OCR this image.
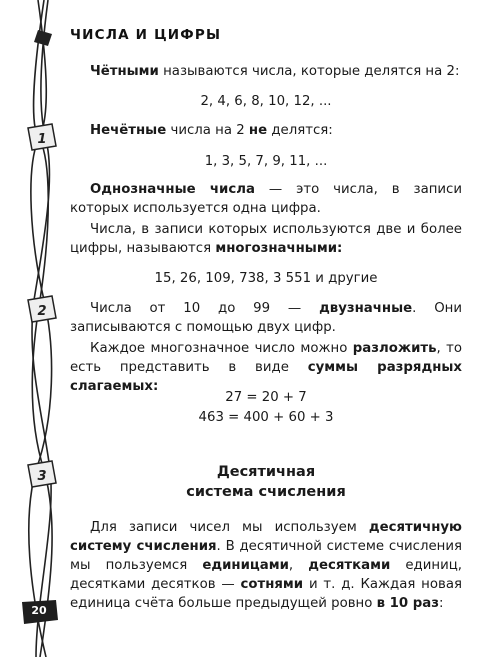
1
2
3
20
ЧИСЛА И ЦИФРЫ

Чётными называются числа, которые делятся на 2:

2, 4, 6, 8, 10, 12, ...

Нечётные числа на 2 не делятся:

1, 3, 5, 7, 9, 11, ...

Однозначные числа — это числа, в записи которых используется одна цифра.

Числа, в записи которых используются две и более цифры, называются многозначными:

15, 26, 109, 738, 3 551 и другие

Числа от 10 до 99 — двузначные. Они записываются с помощью двух цифр.

Каждое многозначное число можно разложить, то есть представить в виде суммы разрядных слагаемых:

27 = 20 + 7

463 = 400 + 60 + 3

Десятичная

система счисления

Для записи чисел мы используем десятичную систему счисления. В десятичной системе счисления мы пользуемся единицами, десятками единиц, десятками десятков — сотнями и т. д. Каждая новая единица счёта больше предыдущей ровно в 10 раз:
